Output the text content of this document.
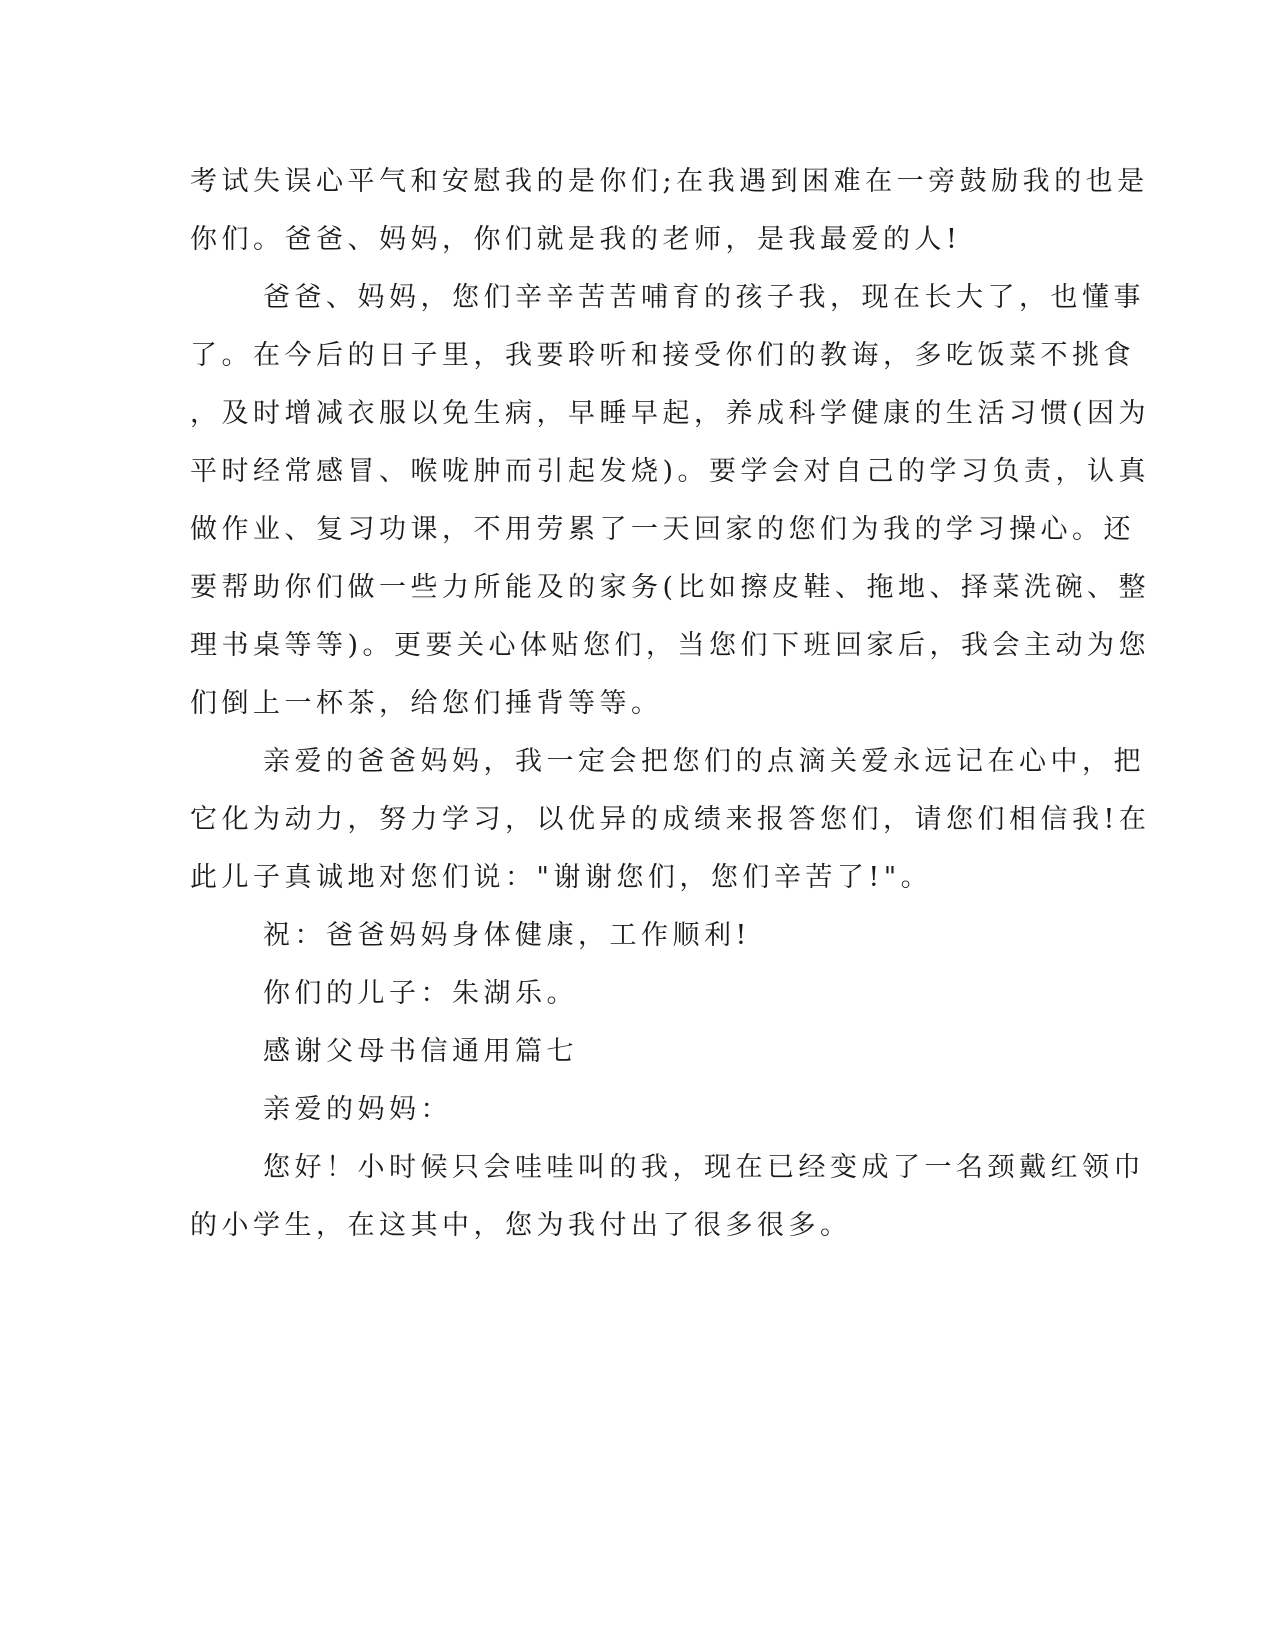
考试失误心平气和安慰我的是你们;在我遇到困难在一旁鼓励我的也是
你们。爸爸、妈妈，你们就是我的老师，是我最爱的人!
爸爸、妈妈，您们辛辛苦苦哺育的孩子我，现在长大了，也懂事
了。在今后的日子里，我要聆听和接受你们的教诲，多吃饭菜不挑食
，及时增减衣服以免生病，早睡早起，养成科学健康的生活习惯(因为
平时经常感冒、喉咙肿而引起发烧)。要学会对自己的学习负责，认真
做作业、复习功课，不用劳累了一天回家的您们为我的学习操心。还
要帮助你们做一些力所能及的家务(比如擦皮鞋、拖地、择菜洗碗、整
理书桌等等)。更要关心体贴您们，当您们下班回家后，我会主动为您
们倒上一杯茶，给您们捶背等等。
亲爱的爸爸妈妈，我一定会把您们的点滴关爱永远记在心中，把
它化为动力，努力学习，以优异的成绩来报答您们，请您们相信我!在
此儿子真诚地对您们说："谢谢您们，您们辛苦了!"。
祝：爸爸妈妈身体健康，工作顺利!
你们的儿子：朱湖乐。
感谢父母书信通用篇七
亲爱的妈妈：
您好！小时候只会哇哇叫的我，现在已经变成了一名颈戴红领巾
的小学生，在这其中，您为我付出了很多很多。
